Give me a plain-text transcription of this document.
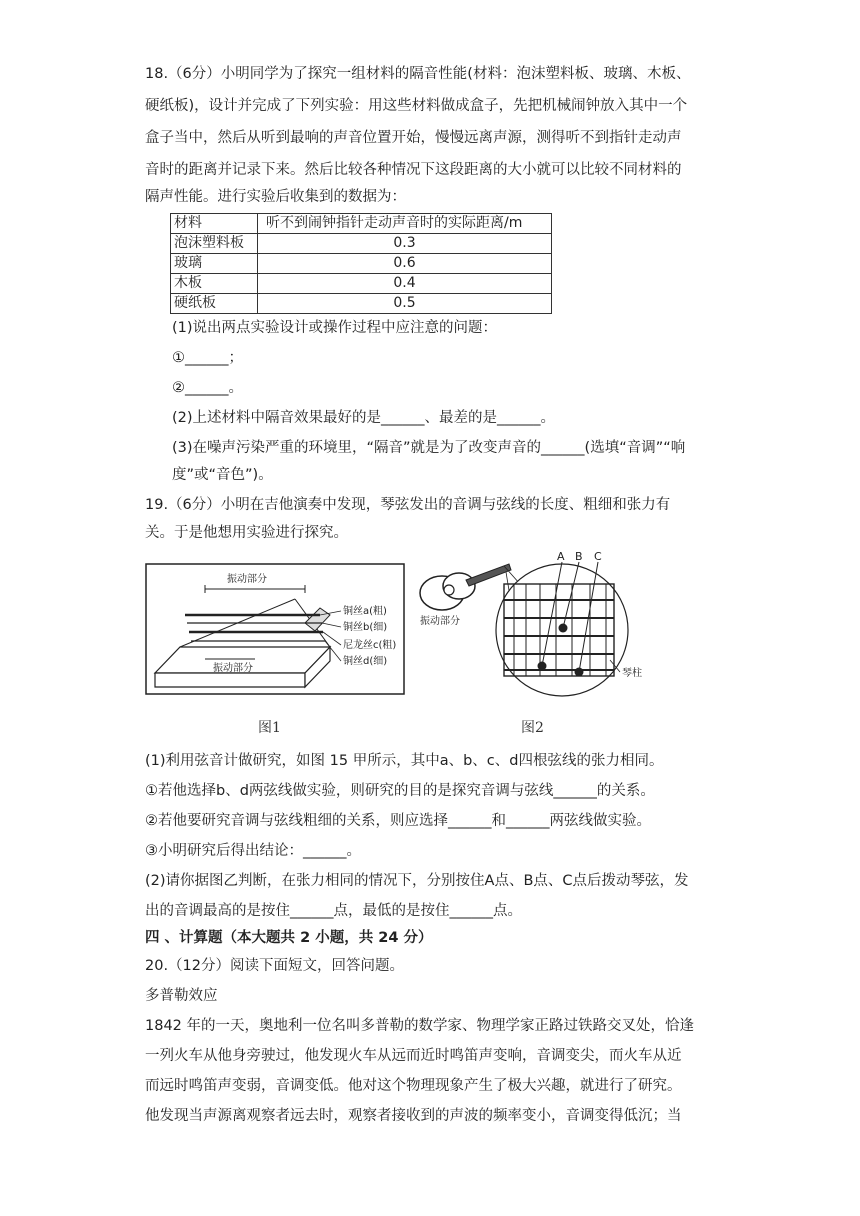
18.（6分）小明同学为了探究一组材料的隔音性能(材料：泡沫塑料板、玻璃、木板、
硬纸板)，设计并完成了下列实验：用这些材料做成盒子，先把机械闹钟放入其中一个
盒子当中，然后从听到最响的声音位置开始，慢慢远离声源，测得听不到指针走动声
音时的距离并记录下来。然后比较各种情况下这段距离的大小就可以比较不同材料的
隔声性能。进行实验后收集到的数据为：
材料	听不到闹钟指针走动声音时的实际距离/m
泡沫塑料板	0.3
玻璃	0.6
木板	0.4
硬纸板	0.5
(1)说出两点实验设计或操作过程中应注意的问题：
①______；
②______。
(2)上述材料中隔音效果最好的是______、最差的是______。
(3)在噪声污染严重的环境里，“隔音”就是为了改变声音的______(选填“音调”“响
度”或“音色”)。
19.（6分）小明在吉他演奏中发现，琴弦发出的音调与弦线的长度、粗细和张力有
关。于是他想用实验进行探究。
振动部分
振动部分
铜丝a(粗)
铜丝b(细)
尼龙丝c(粗)
铜丝d(细)
图1
A B C
振动部分
琴柱
图2
(1)利用弦音计做研究，如图 15 甲所示，其中a、b、c、d四根弦线的张力相同。
①若他选择b、d两弦线做实验，则研究的目的是探究音调与弦线______的关系。
②若他要研究音调与弦线粗细的关系，则应选择______和______两弦线做实验。
③小明研究后得出结论：______。
(2)请你据图乙判断，在张力相同的情况下，分别按住A点、B点、C点后拨动琴弦，发
出的音调最高的是按住______点，最低的是按住______点。
四 、计算题（本大题共 2 小题，共 24 分）
20.（12分）阅读下面短文，回答问题。
多普勒效应
1842 年的一天，奥地利一位名叫多普勒的数学家、物理学家正路过铁路交叉处，恰逢
一列火车从他身旁驶过，他发现火车从远而近时鸣笛声变响，音调变尖，而火车从近
而远时鸣笛声变弱，音调变低。他对这个物理现象产生了极大兴趣，就进行了研究。
他发现当声源离观察者远去时，观察者接收到的声波的频率变小，音调变得低沉；当
